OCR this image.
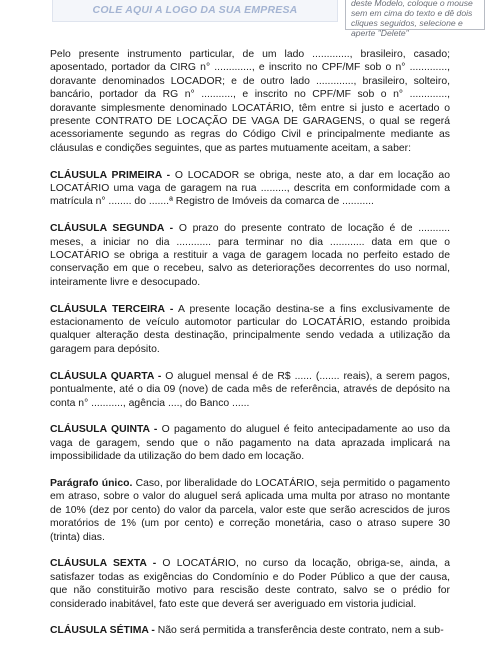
COLE AQUI A LOGO DA SUA EMPRESA
deste Modelo, coloque o mouse sem em cima do texto e dê dois cliques seguidos, selecione e aperte "Delete"

Pelo presente instrumento particular, de um lado ............., brasileiro, casado; aposentado, portador da CIRG n° ............., e inscrito no CPF/MF sob o n° ............., doravante denominados LOCADOR; e de outro lado ............., brasileiro, solteiro, bancário, portador da RG n° ..........., e inscrito no CPF/MF sob o n° ............., doravante simplesmente denominado LOCATÁRIO, têm entre si justo e acertado o presente CONTRATO DE LOCAÇÃO DE VAGA DE GARAGENS, o qual se regerá acessoriamente segundo as regras do Código Civil e principalmente mediante as cláusulas e condições seguintes, que as partes mutuamente aceitam, a saber:

CLÁUSULA PRIMEIRA - O LOCADOR se obriga, neste ato, a dar em locação ao LOCATÁRIO uma vaga de garagem na rua ........., descrita em conformidade com a matrícula n° ........ do .......ª Registro de Imóveis da comarca de ...........

CLÁUSULA SEGUNDA - O prazo do presente contrato de locação é de ........... meses, a iniciar no dia ............ para terminar no dia ............ data em que o LOCATÁRIO se obriga a restituir a vaga de garagem locada no perfeito estado de conservação em que o recebeu, salvo as deteriorações decorrentes do uso normal, inteiramente livre e desocupado.

CLÁUSULA TERCEIRA - A presente locação destina-se a fins exclusivamente de estacionamento de veículo automotor particular do LOCATÁRIO, estando proibida qualquer alteração desta destinação, principalmente sendo vedada a utilização da garagem para depósito.

CLÁUSULA QUARTA - O aluguel mensal é de R$ ...... (....... reais), a serem pagos, pontualmente, até o dia 09 (nove) de cada mês de referência, através de depósito na conta n° ..........., agência ...., do Banco ......

CLÁUSULA QUINTA - O pagamento do aluguel é feito antecipadamente ao uso da vaga de garagem, sendo que o não pagamento na data aprazada implicará na impossibilidade da utilização do bem dado em locação.

Parágrafo único. Caso, por liberalidade do LOCATÁRIO, seja permitido o pagamento em atraso, sobre o valor do aluguel será aplicada uma multa por atraso no montante de 10% (dez por cento) do valor da parcela, valor este que serão acrescidos de juros moratórios de 1% (um por cento) e correção monetária, caso o atraso supere 30 (trinta) dias.

CLÁUSULA SEXTA - O LOCATÁRIO, no curso da locação, obriga-se, ainda, a satisfazer todas as exigências do Condomínio e do Poder Público a que der causa, que não constituirão motivo para rescisão deste contrato, salvo se o prédio for considerado inabitável, fato este que deverá ser averiguado em vistoria judicial.

CLÁUSULA SÉTIMA - Não será permitida a transferência deste contrato, nem a sub-
